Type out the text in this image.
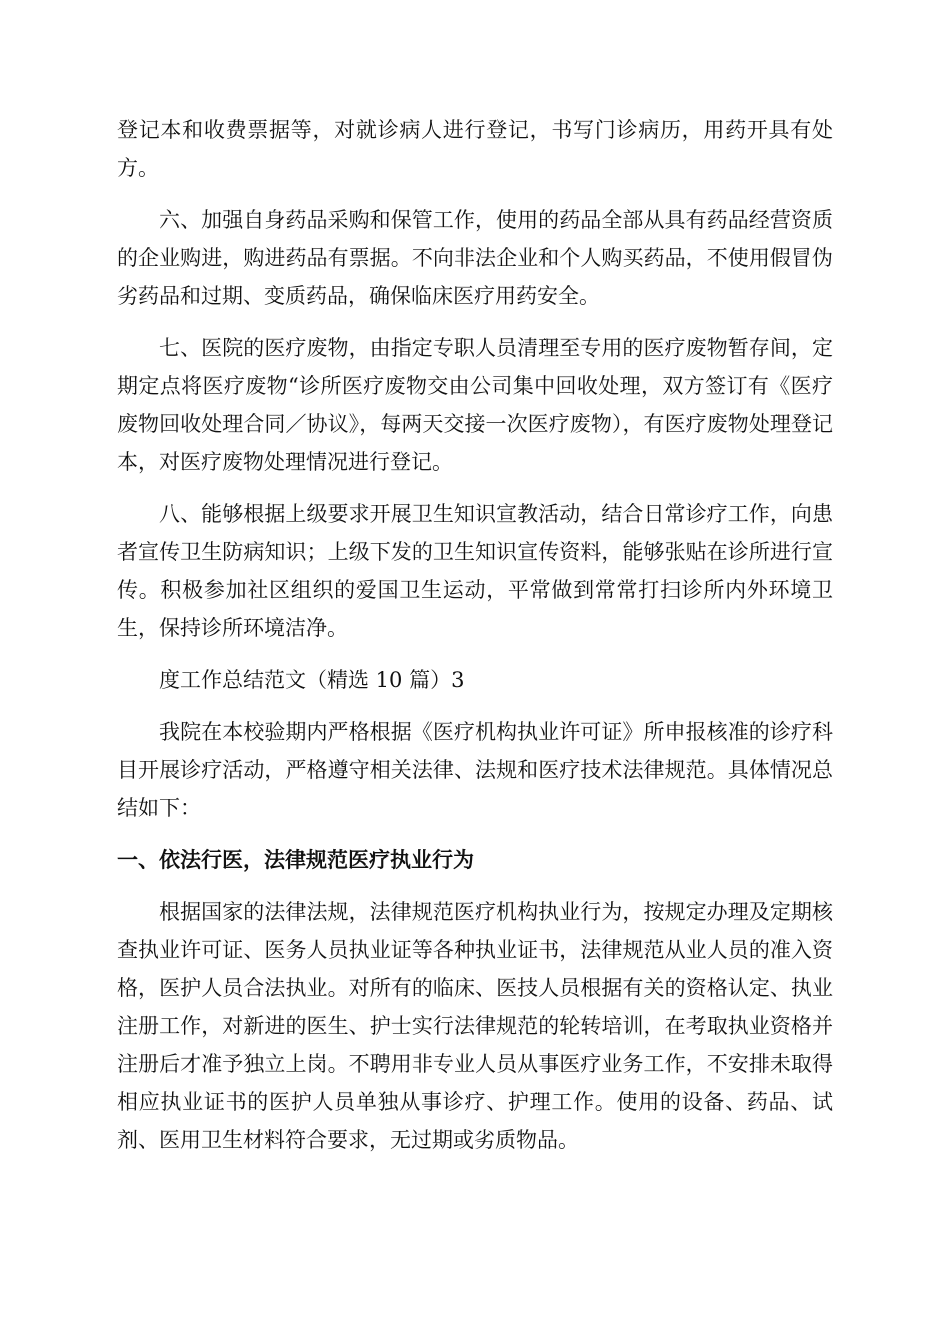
登记本和收费票据等，对就诊病人进行登记，书写门诊病历，用药开具有处方。

六、加强自身药品采购和保管工作，使用的药品全部从具有药品经营资质的企业购进，购进药品有票据。不向非法企业和个人购买药品，不使用假冒伪劣药品和过期、变质药品，确保临床医疗用药安全。

七、医院的医疗废物，由指定专职人员清理至专用的医疗废物暂存间，定期定点将医疗废物“诊所医疗废物交由公司集中回收处理，双方签订有《医疗废物回收处理合同／协议》，每两天交接一次医疗废物），有医疗废物处理登记本，对医疗废物处理情况进行登记。

八、能够根据上级要求开展卫生知识宣教活动，结合日常诊疗工作，向患者宣传卫生防病知识；上级下发的卫生知识宣传资料，能够张贴在诊所进行宣传。积极参加社区组织的爱国卫生运动，平常做到常常打扫诊所内外环境卫生，保持诊所环境洁净。

度工作总结范文（精选 10 篇）3

我院在本校验期内严格根据《医疗机构执业许可证》所申报核准的诊疗科目开展诊疗活动，严格遵守相关法律、法规和医疗技术法律规范。具体情况总结如下：

一、依法行医，法律规范医疗执业行为

根据国家的法律法规，法律规范医疗机构执业行为，按规定办理及定期核查执业许可证、医务人员执业证等各种执业证书，法律规范从业人员的准入资格，医护人员合法执业。对所有的临床、医技人员根据有关的资格认定、执业注册工作，对新进的医生、护士实行法律规范的轮转培训，在考取执业资格并注册后才准予独立上岗。不聘用非专业人员从事医疗业务工作，不安排未取得相应执业证书的医护人员单独从事诊疗、护理工作。使用的设备、药品、试剂、医用卫生材料符合要求，无过期或劣质物品。
